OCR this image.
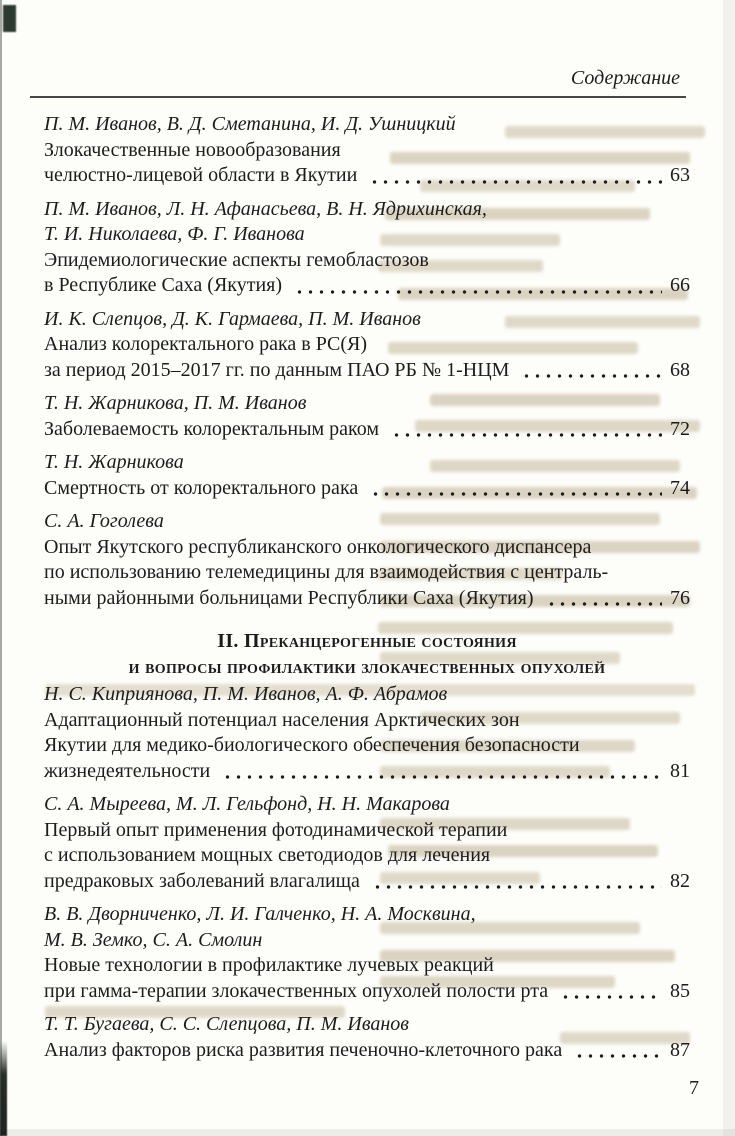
Содержание
П. М. Иванов, В. Д. Сметанина, И. Д. Ушницкий
Злокачественные новообразования
челюстно-лицевой области в Якутии	63
П. М. Иванов, Л. Н. Афанасьева, В. Н. Ядрихинская,
Т. И. Николаева, Ф. Г. Иванова
Эпидемиологические аспекты гемобластозов
в Республике Саха (Якутия)	66
И. К. Слепцов, Д. К. Гармаева, П. М. Иванов
Анализ колоректального рака в РС(Я)
за период 2015–2017 гг. по данным ПАО РБ № 1-НЦМ	68
Т. Н. Жарникова, П. М. Иванов
Заболеваемость колоректальным раком	72
Т. Н. Жарникова
Смертность от колоректального рака	74
С. А. Гоголева
Опыт Якутского республиканского онкологического диспансера
по использованию телемедицины для взаимодействия с централь-
ными районными больницами Республики Саха (Якутия)	76
II. Преканцерогенные состояния
и вопросы профилактики злокачественных опухолей
Н. С. Киприянова, П. М. Иванов, А. Ф. Абрамов
Адаптационный потенциал населения Арктических зон
Якутии для медико-биологического обеспечения безопасности
жизнедеятельности	81
С. А. Мыреева, М. Л. Гельфонд, Н. Н. Макарова
Первый опыт применения фотодинамической терапии
с использованием мощных светодиодов для лечения
предраковых заболеваний влагалища	82
В. В. Дворниченко, Л. И. Галченко, Н. А. Москвина,
М. В. Земко, С. А. Смолин
Новые технологии в профилактике лучевых реакций
при гамма-терапии злокачественных опухолей полости рта	85
Т. Т. Бугаева, С. С. Слепцова, П. М. Иванов
Анализ факторов риска развития печеночно-клеточного рака	87
7
